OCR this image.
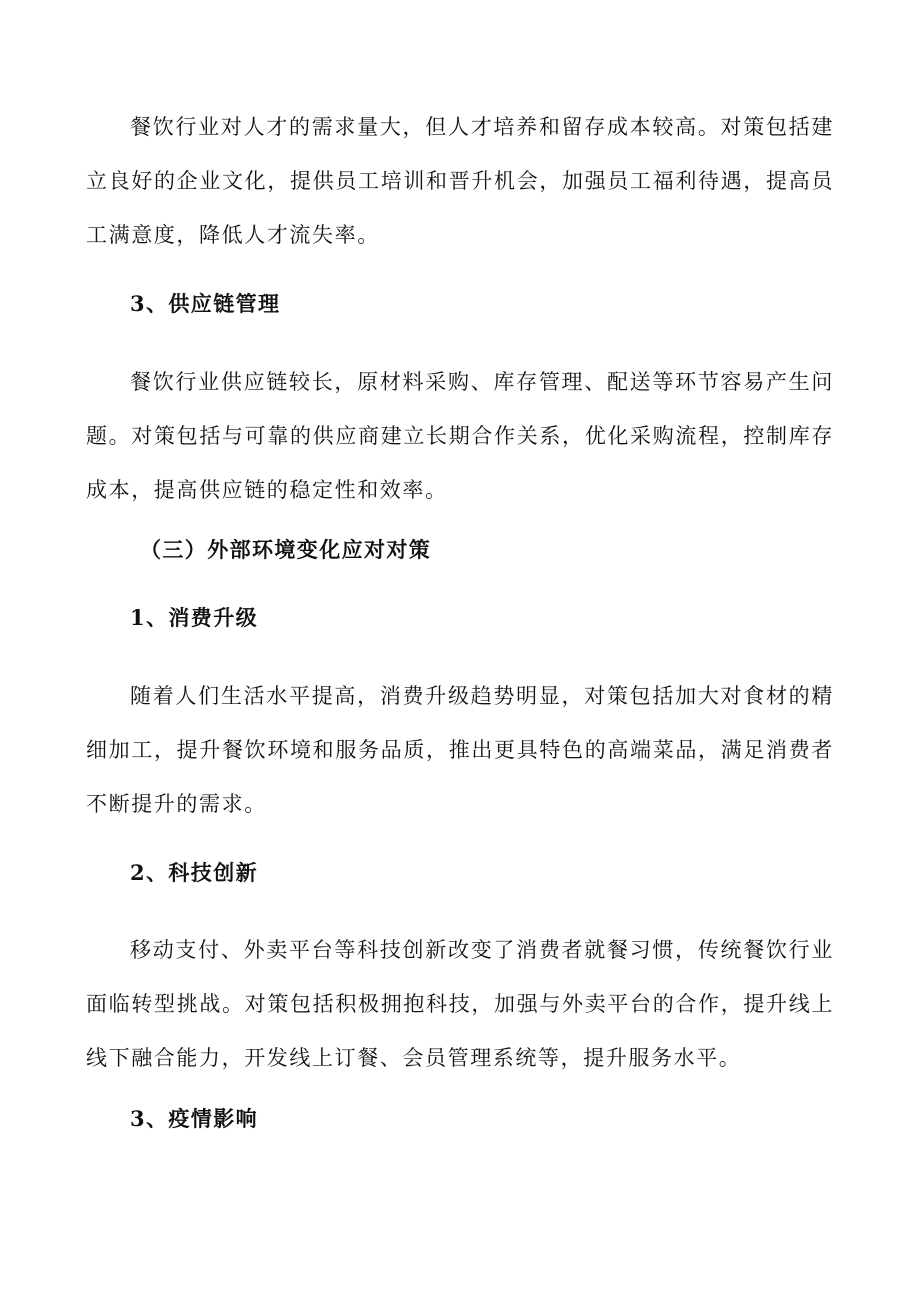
餐饮行业对人才的需求量大，但人才培养和留存成本较高。对策包括建立良好的企业文化，提供员工培训和晋升机会，加强员工福利待遇，提高员工满意度，降低人才流失率。

3、供应链管理

餐饮行业供应链较长，原材料采购、库存管理、配送等环节容易产生问题。对策包括与可靠的供应商建立长期合作关系，优化采购流程，控制库存成本，提高供应链的稳定性和效率。

（三）外部环境变化应对对策
1、消费升级

随着人们生活水平提高，消费升级趋势明显，对策包括加大对食材的精细加工，提升餐饮环境和服务品质，推出更具特色的高端菜品，满足消费者不断提升的需求。

2、科技创新

移动支付、外卖平台等科技创新改变了消费者就餐习惯，传统餐饮行业面临转型挑战。对策包括积极拥抱科技，加强与外卖平台的合作，提升线上线下融合能力，开发线上订餐、会员管理系统等，提升服务水平。

3、疫情影响
